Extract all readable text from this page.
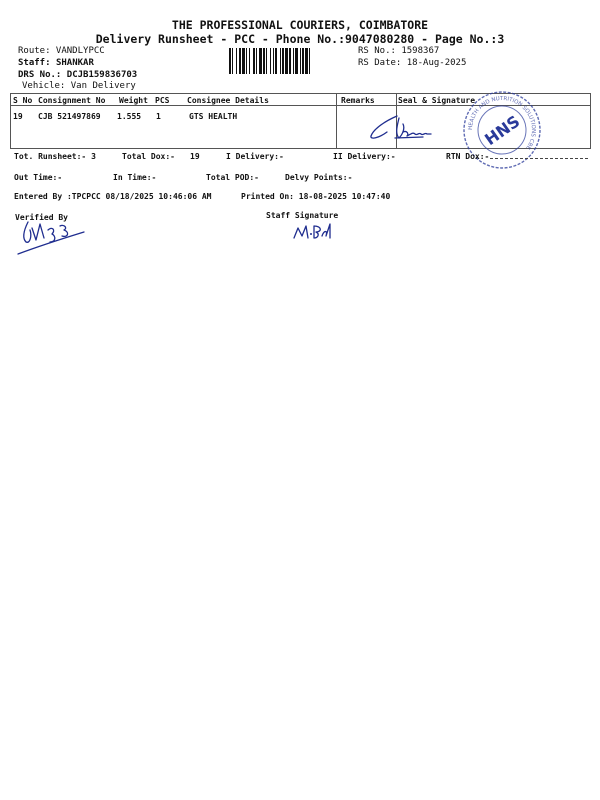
THE PROFESSIONAL COURIERS, COIMBATORE
Delivery Runsheet - PCC - Phone No.:9047080280 - Page No.:3
Route: VANDLYPCC
Staff: SHANKAR
DRS No.: DCJB159836703
Vehicle: Van Delivery
RS No.: 1598367
RS Date: 18-Aug-2025
S No Consignment No Weight PCS Consignee Details	Remarks	Seal & Signature
19 CJB 521497869 1.555 1	GTS HEALTH
HEALTH AND NUTRITION SOLUTIONS CBE
HNS
Tot. Runsheet:- 3	Total Dox:- 19	I Delivery:-	II Delivery:-	RTN Dox:-
Out Time:-	In Time:-	Total POD:-	Delvy Points:-
Entered By :TPCPCC 08/18/2025 10:46:06 AM	Printed On: 18-08-2025 10:47:40
Verified By	Staff Signature
